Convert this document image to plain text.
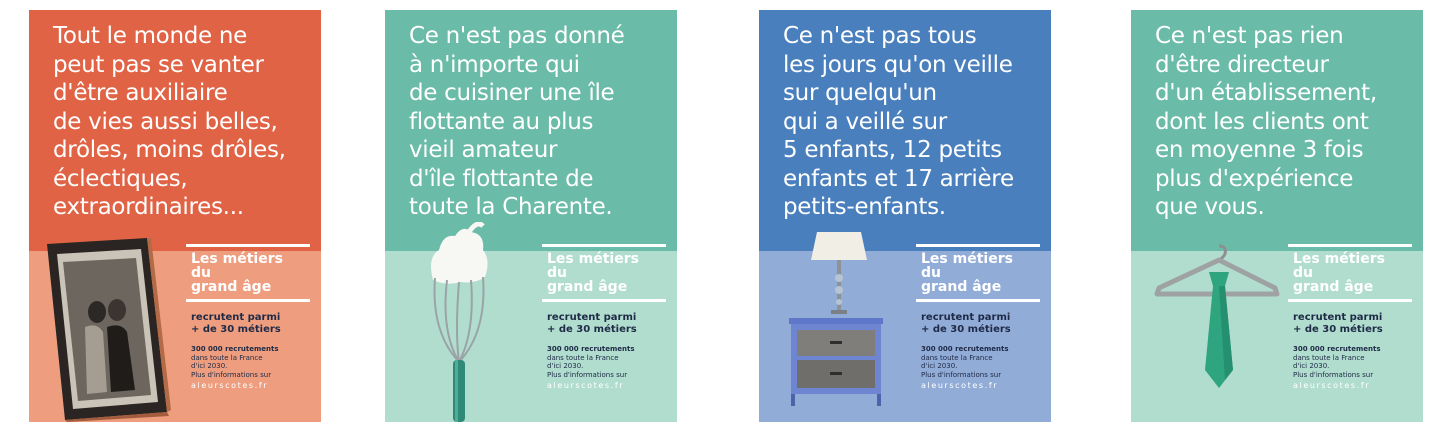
Tout le monde ne
peut pas se vanter
d'être auxiliaire
de vies aussi belles,
drôles, moins drôles,
éclectiques,
extraordinaires...

Les métiers
du
grand âge
recrutent parmi
+ de 30 métiers
300 000 recrutements
dans toute la France
d'ici 2030.
Plus d'informations sur
aleurscotes.fr

Ce n'est pas donné
à n'importe qui
de cuisiner une île
flottante au plus
vieil amateur
d'île flottante de
toute la Charente.

Les métiers
du
grand âge
recrutent parmi
+ de 30 métiers
300 000 recrutements
dans toute la France
d'ici 2030.
Plus d'informations sur
aleurscotes.fr

Ce n'est pas tous
les jours qu'on veille
sur quelqu'un
qui a veillé sur
5 enfants, 12 petits
enfants et 17 arrière
petits-enfants.

Les métiers
du
grand âge
recrutent parmi
+ de 30 métiers
300 000 recrutements
dans toute la France
d'ici 2030.
Plus d'informations sur
aleurscotes.fr

Ce n'est pas rien
d'être directeur
d'un établissement,
dont les clients ont
en moyenne 3 fois
plus d'expérience
que vous.

Les métiers
du
grand âge
recrutent parmi
+ de 30 métiers
300 000 recrutements
dans toute la France
d'ici 2030.
Plus d'informations sur
aleurscotes.fr
